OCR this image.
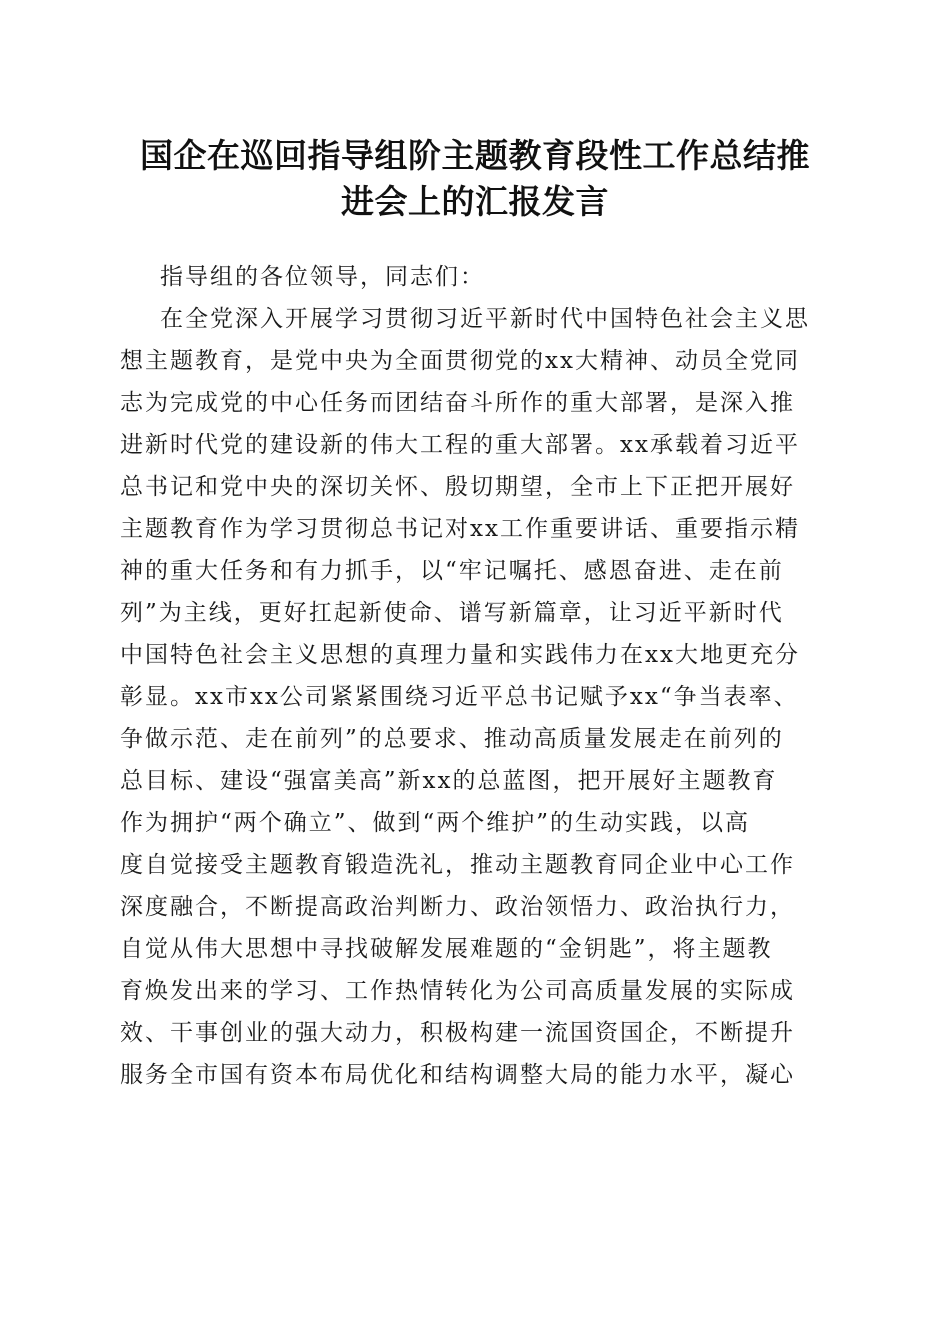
国企在巡回指导组阶主题教育段性工作总结推
进会上的汇报发言
指导组的各位领导，同志们：
在全党深入开展学习贯彻习近平新时代中国特色社会主义思
想主题教育，是党中央为全面贯彻党的xx大精神、动员全党同
志为完成党的中心任务而团结奋斗所作的重大部署，是深入推
进新时代党的建设新的伟大工程的重大部署。xx承载着习近平
总书记和党中央的深切关怀、殷切期望，全市上下正把开展好
主题教育作为学习贯彻总书记对xx工作重要讲话、重要指示精
神的重大任务和有力抓手，以“牢记嘱托、感恩奋进、走在前
列”为主线，更好扛起新使命、谱写新篇章，让习近平新时代
中国特色社会主义思想的真理力量和实践伟力在xx大地更充分
彰显。xx市xx公司紧紧围绕习近平总书记赋予xx“争当表率、
争做示范、走在前列”的总要求、推动高质量发展走在前列的
总目标、建设“强富美高”新xx的总蓝图，把开展好主题教育
作为拥护“两个确立”、做到“两个维护”的生动实践，以高
度自觉接受主题教育锻造洗礼，推动主题教育同企业中心工作
深度融合，不断提高政治判断力、政治领悟力、政治执行力，
自觉从伟大思想中寻找破解发展难题的“金钥匙”，将主题教
育焕发出来的学习、工作热情转化为公司高质量发展的实际成
效、干事创业的强大动力，积极构建一流国资国企，不断提升
服务全市国有资本布局优化和结构调整大局的能力水平，凝心
